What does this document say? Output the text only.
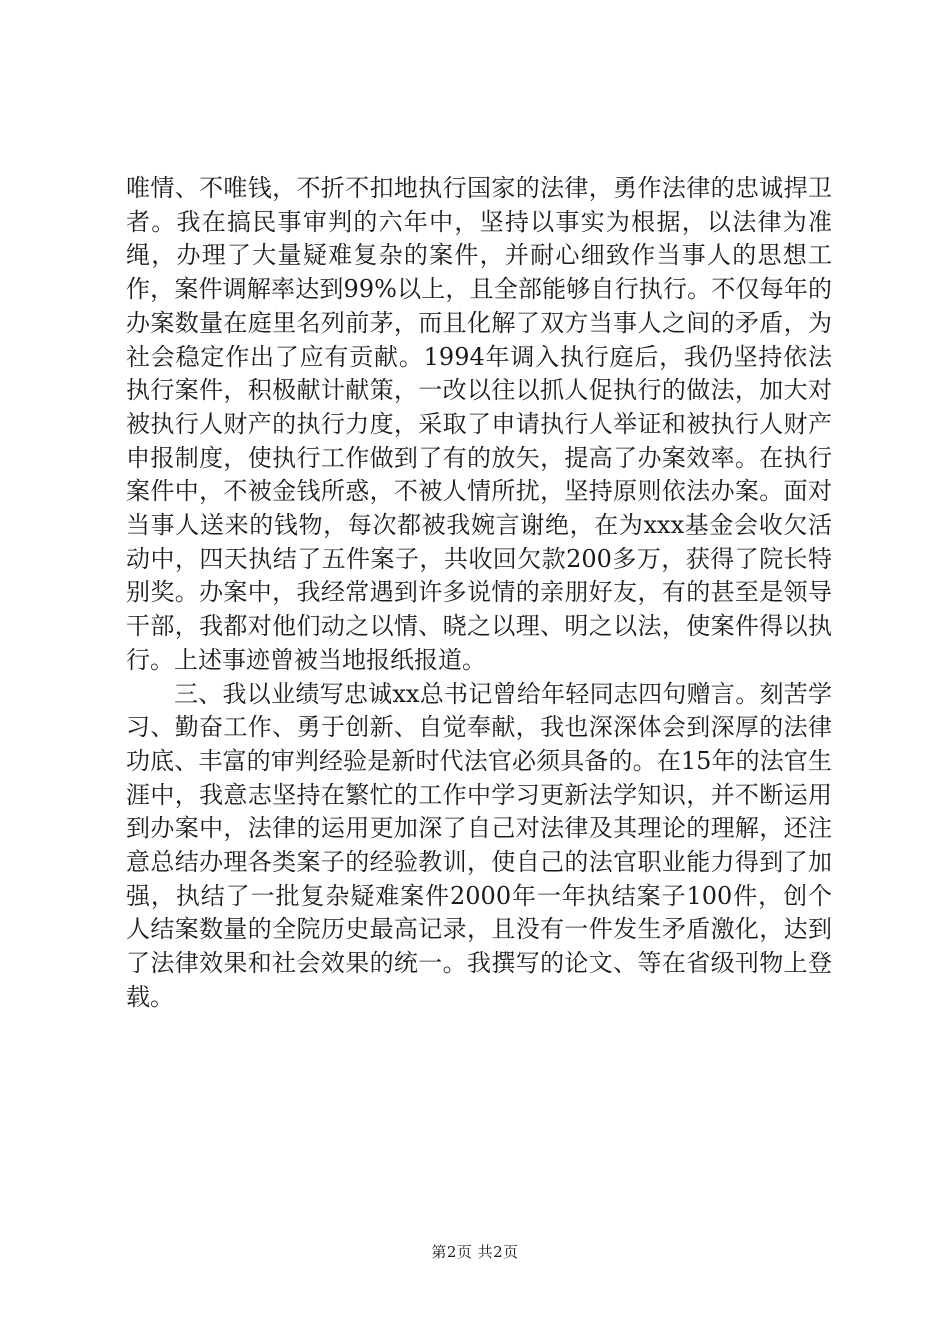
唯情、不唯钱，不折不扣地执行国家的法律，勇作法律的忠诚捍卫者。我在搞民事审判的六年中，坚持以事实为根据，以法律为准绳，办理了大量疑难复杂的案件，并耐心细致作当事人的思想工作，案件调解率达到99%以上，且全部能够自行执行。不仅每年的办案数量在庭里名列前茅，而且化解了双方当事人之间的矛盾，为社会稳定作出了应有贡献。1994年调入执行庭后，我仍坚持依法执行案件，积极献计献策，一改以往以抓人促执行的做法，加大对被执行人财产的执行力度，采取了申请执行人举证和被执行人财产申报制度，使执行工作做到了有的放矢，提高了办案效率。在执行案件中，不被金钱所惑，不被人情所扰，坚持原则依法办案。面对当事人送来的钱物，每次都被我婉言谢绝，在为xxx基金会收欠活动中，四天执结了五件案子，共收回欠款200多万，获得了院长特别奖。办案中，我经常遇到许多说情的亲朋好友，有的甚至是领导干部，我都对他们动之以情、晓之以理、明之以法，使案件得以执行。上述事迹曾被当地报纸报道。

三、我以业绩写忠诚xx总书记曾给年轻同志四句赠言。刻苦学习、勤奋工作、勇于创新、自觉奉献，我也深深体会到深厚的法律功底、丰富的审判经验是新时代法官必须具备的。在15年的法官生涯中，我意志坚持在繁忙的工作中学习更新法学知识，并不断运用到办案中，法律的运用更加深了自己对法律及其理论的理解，还注意总结办理各类案子的经验教训，使自己的法官职业能力得到了加强，执结了一批复杂疑难案件2000年一年执结案子100件，创个人结案数量的全院历史最高记录，且没有一件发生矛盾激化，达到了法律效果和社会效果的统一。我撰写的论文、等在省级刊物上登载。

第2页 共2页
